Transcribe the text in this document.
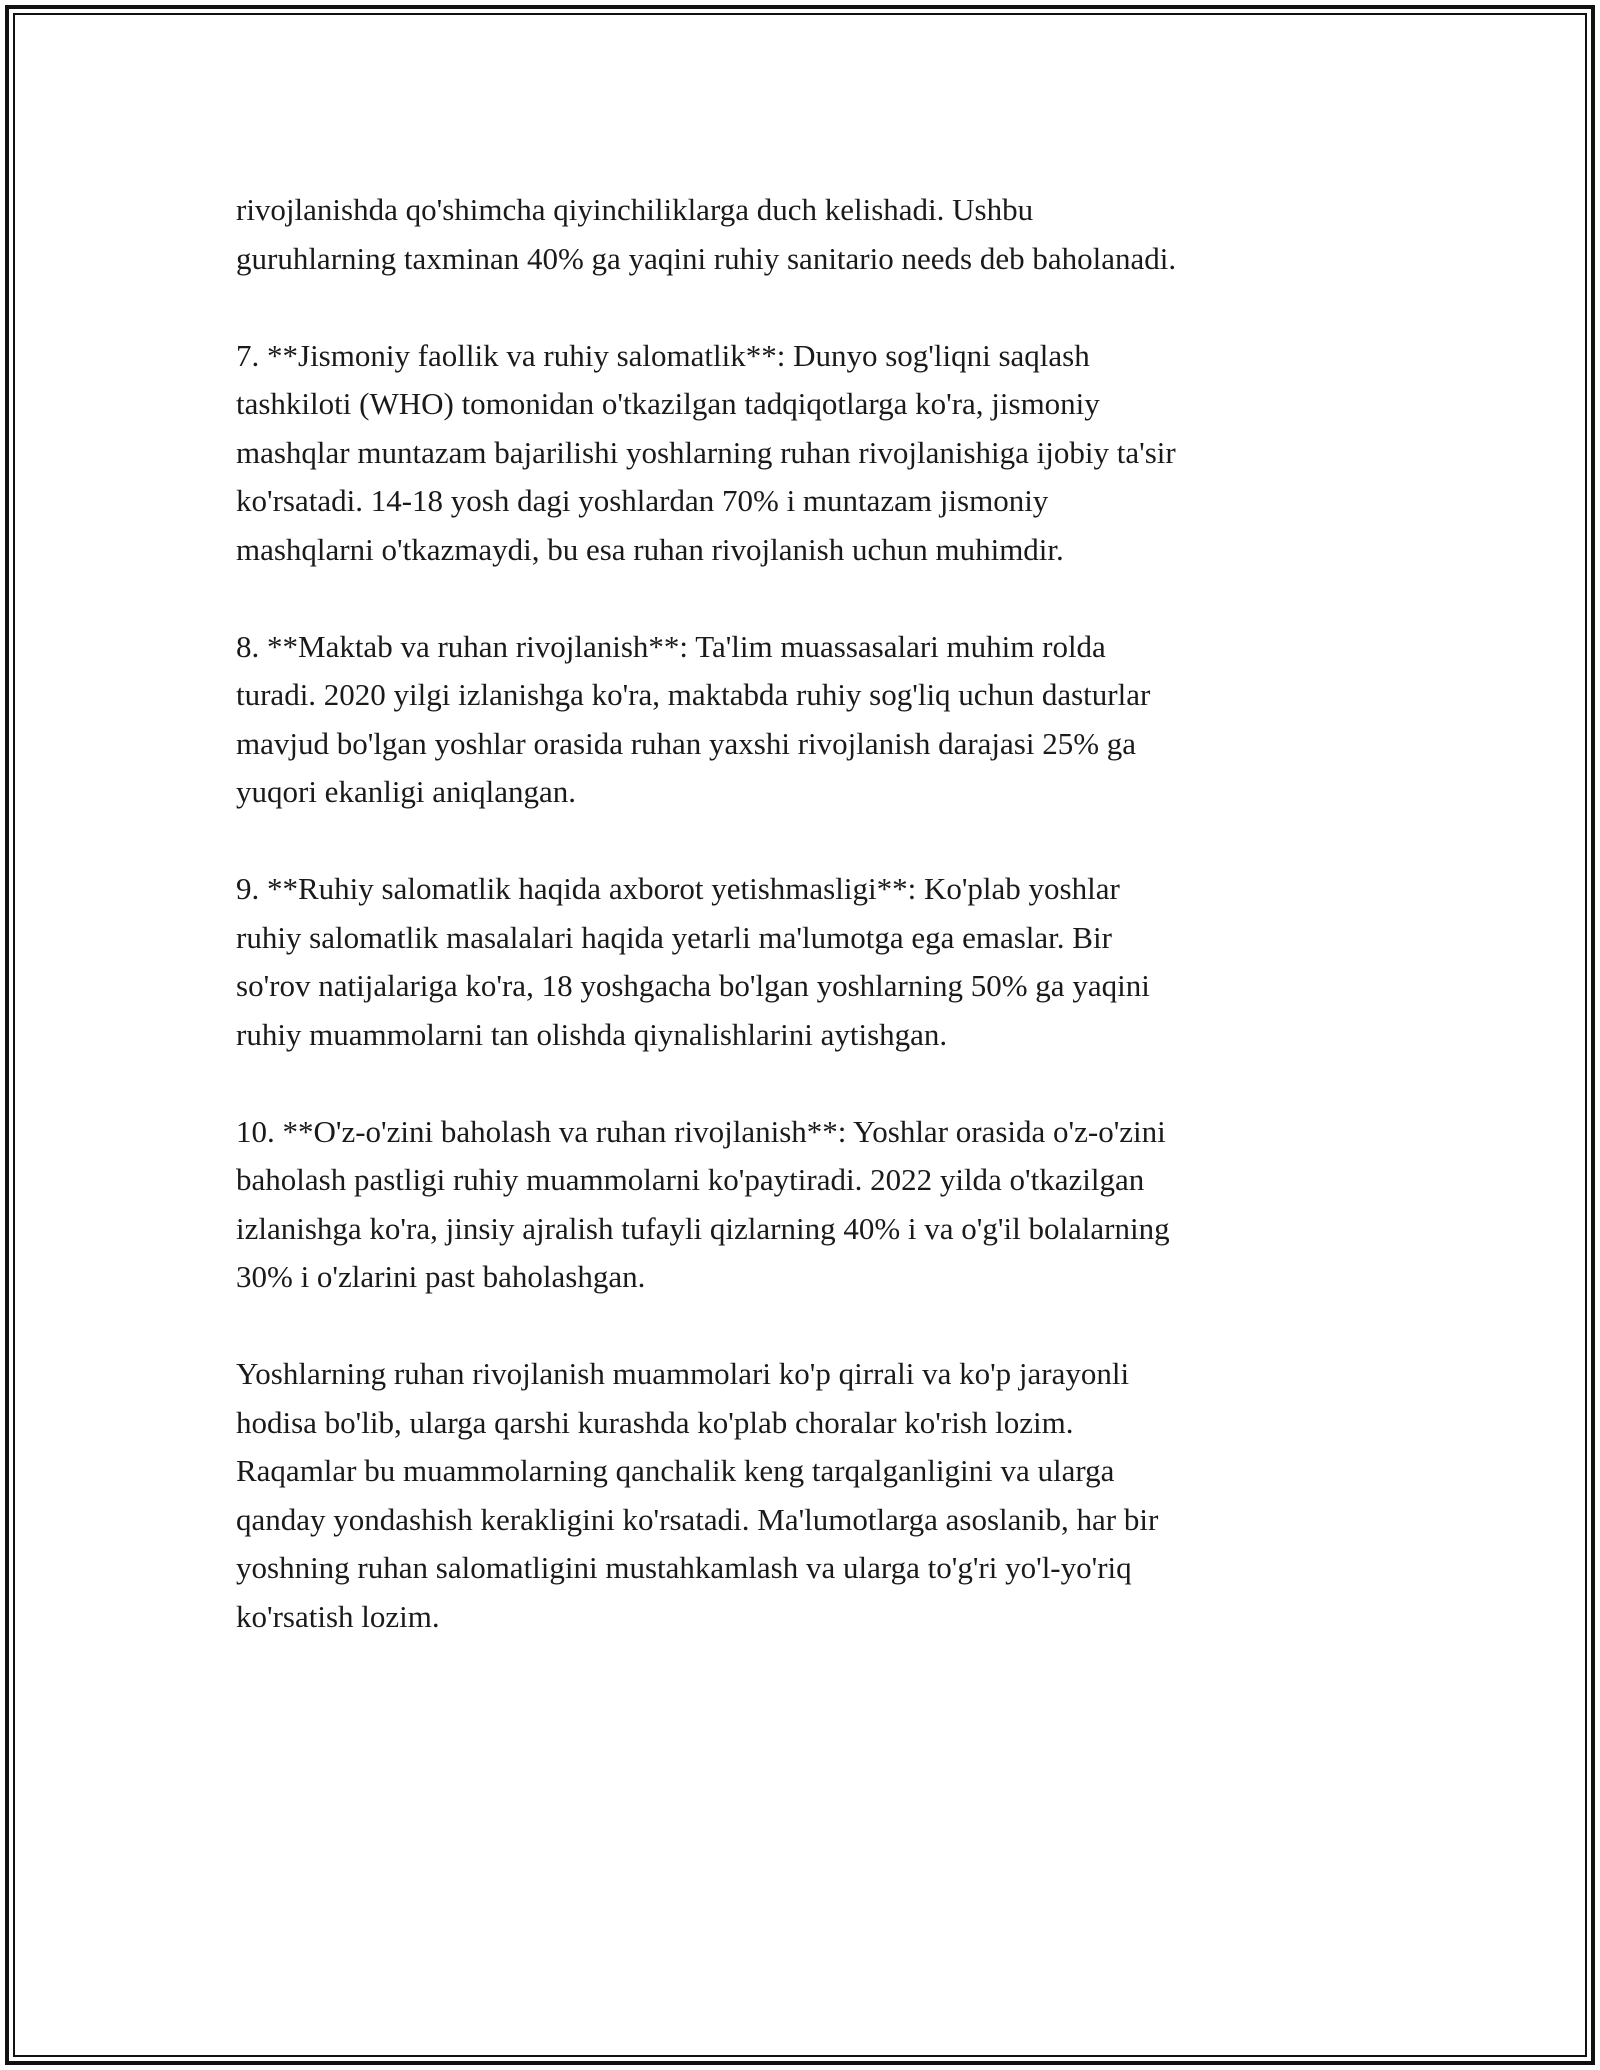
rivojlanishda qo'shimcha qiyinchiliklarga duch kelishadi. Ushbu
guruhlarning taxminan 40% ga yaqini ruhiy sanitario needs deb baholanadi.

7. **Jismoniy faollik va ruhiy salomatlik**: Dunyo sog'liqni saqlash
tashkiloti (WHO) tomonidan o'tkazilgan tadqiqotlarga ko'ra, jismoniy
mashqlar muntazam bajarilishi yoshlarning ruhan rivojlanishiga ijobiy ta'sir
ko'rsatadi. 14-18 yosh dagi yoshlardan 70% i muntazam jismoniy
mashqlarni o'tkazmaydi, bu esa ruhan rivojlanish uchun muhimdir.

8. **Maktab va ruhan rivojlanish**: Ta'lim muassasalari muhim rolda
turadi. 2020 yilgi izlanishga ko'ra, maktabda ruhiy sog'liq uchun dasturlar
mavjud bo'lgan yoshlar orasida ruhan yaxshi rivojlanish darajasi 25% ga
yuqori ekanligi aniqlangan.

9. **Ruhiy salomatlik haqida axborot yetishmasligi**: Ko'plab yoshlar
ruhiy salomatlik masalalari haqida yetarli ma'lumotga ega emaslar. Bir
so'rov natijalariga ko'ra, 18 yoshgacha bo'lgan yoshlarning 50% ga yaqini
ruhiy muammolarni tan olishda qiynalishlarini aytishgan.

10. **O'z-o'zini baholash va ruhan rivojlanish**: Yoshlar orasida o'z-o'zini
baholash pastligi ruhiy muammolarni ko'paytiradi. 2022 yilda o'tkazilgan
izlanishga ko'ra, jinsiy ajralish tufayli qizlarning 40% i va o'g'il bolalarning
30% i o'zlarini past baholashgan.

Yoshlarning ruhan rivojlanish muammolari ko'p qirrali va ko'p jarayonli
hodisa bo'lib, ularga qarshi kurashda ko'plab choralar ko'rish lozim.
Raqamlar bu muammolarning qanchalik keng tarqalganligini va ularga
qanday yondashish kerakligini ko'rsatadi. Ma'lumotlarga asoslanib, har bir
yoshning ruhan salomatligini mustahkamlash va ularga to'g'ri yo'l-yo'riq
ko'rsatish lozim.
